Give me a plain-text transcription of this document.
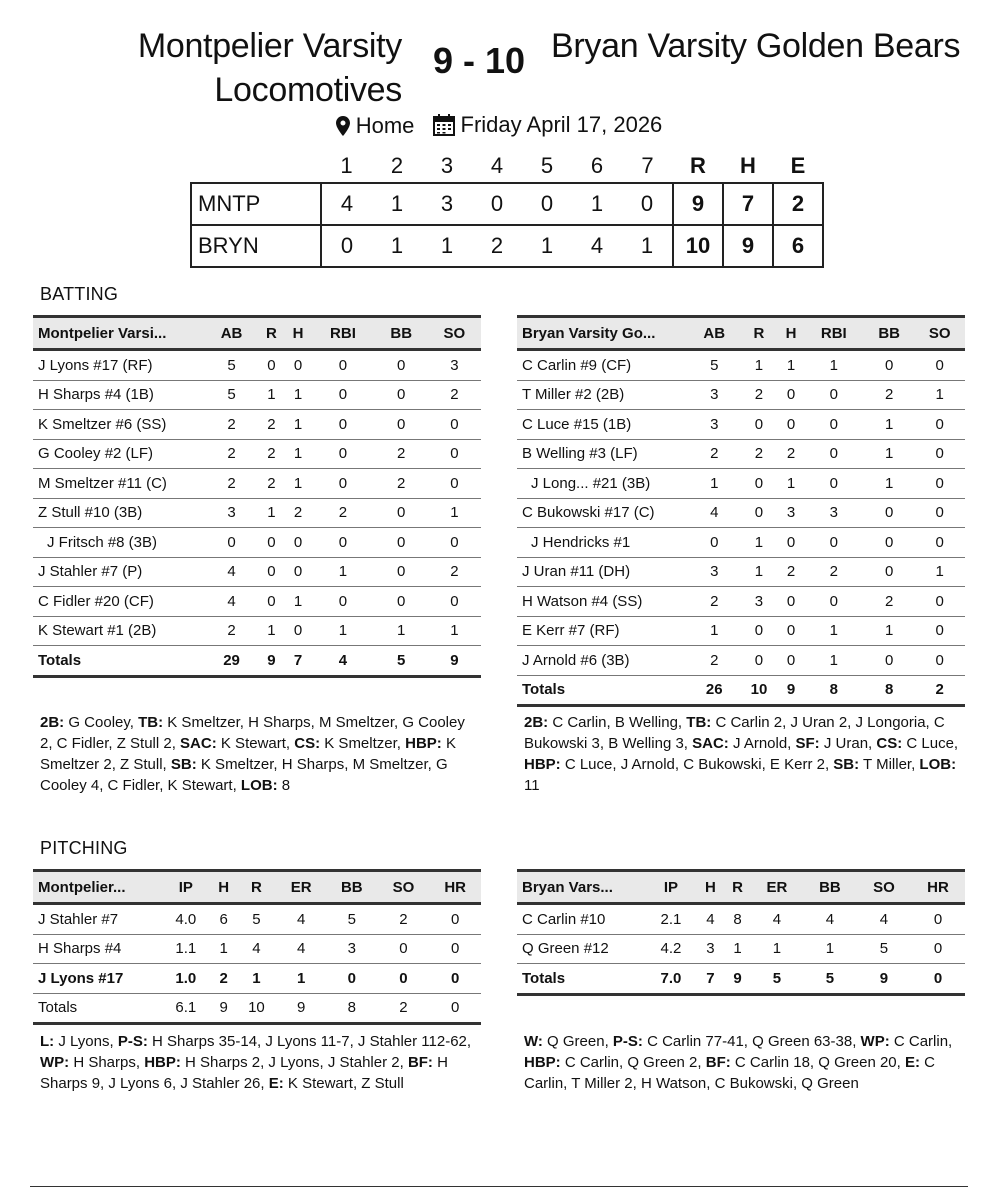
Montpelier Varsity Locomotives
9 - 10 Bryan Varsity Golden Bears
Home
Friday April 17, 2026
	1	2	3	4	5	6	7	R	H	E
MNTP	4	1	3	0	0	1	0	9	7	2
BRYN	0	1	1	2	1	4	1	10	9	6
BATTING
Montpelier Varsi...	AB	R	H	RBI	BB	SO
J Lyons #17 (RF)	5	0	0	0	0	3
H Sharps #4 (1B)	5	1	1	0	0	2
K Smeltzer #6 (SS)	2	2	1	0	0	0
G Cooley #2 (LF)	2	2	1	0	2	0
M Smeltzer #11 (C)	2	2	1	0	2	0
Z Stull #10 (3B)	3	1	2	2	0	1
J Fritsch #8 (3B)	0	0	0	0	0	0
J Stahler #7 (P)	4	0	0	1	0	2
C Fidler #20 (CF)	4	0	1	0	0	0
K Stewart #1 (2B)	2	1	0	1	1	1
Totals	29	9	7	4	5	9
Bryan Varsity Go...	AB	R	H	RBI	BB	SO
C Carlin #9 (CF)	5	1	1	1	0	0
T Miller #2 (2B)	3	2	0	0	2	1
C Luce #15 (1B)	3	0	0	0	1	0
B Welling #3 (LF)	2	2	2	0	1	0
J Long... #21 (3B)	1	0	1	0	1	0
C Bukowski #17 (C)	4	0	3	3	0	0
J Hendricks #1	0	1	0	0	0	0
J Uran #11 (DH)	3	1	2	2	0	1
H Watson #4 (SS)	2	3	0	0	2	0
E Kerr #7 (RF)	1	0	0	1	1	0
J Arnold #6 (3B)	2	0	0	1	0	0
Totals	26	10	9	8	8	2
2B: G Cooley, TB: K Smeltzer, H Sharps, M Smeltzer, G Cooley 2, C Fidler, Z Stull 2, SAC: K Stewart, CS: K Smeltzer, HBP: K Smeltzer 2, Z Stull, SB: K Smeltzer, H Sharps, M Smeltzer, G Cooley 4, C Fidler, K Stewart, LOB: 8
2B: C Carlin, B Welling, TB: C Carlin 2, J Uran 2, J Longoria, C Bukowski 3, B Welling 3, SAC: J Arnold, SF: J Uran, CS: C Luce, HBP: C Luce, J Arnold, C Bukowski, E Kerr 2, SB: T Miller, LOB: 11
PITCHING
Montpelier...	IP	H	R	ER	BB	SO	HR
J Stahler #7	4.0	6	5	4	5	2	0
H Sharps #4	1.1	1	4	4	3	0	0
J Lyons #17	1.0	2	1	1	0	0	0
Totals	6.1	9	10	9	8	2	0
Bryan Vars...	IP	H	R	ER	BB	SO	HR
C Carlin #10	2.1	4	8	4	4	4	0
Q Green #12	4.2	3	1	1	1	5	0
Totals	7.0	7	9	5	5	9	0
L: J Lyons, P-S: H Sharps 35-14, J Lyons 11-7, J Stahler 112-62, WP: H Sharps, HBP: H Sharps 2, J Lyons, J Stahler 2, BF: H Sharps 9, J Lyons 6, J Stahler 26, E: K Stewart, Z Stull
W: Q Green, P-S: C Carlin 77-41, Q Green 63-38, WP: C Carlin, HBP: C Carlin, Q Green 2, BF: C Carlin 18, Q Green 20, E: C Carlin, T Miller 2, H Watson, C Bukowski, Q Green
